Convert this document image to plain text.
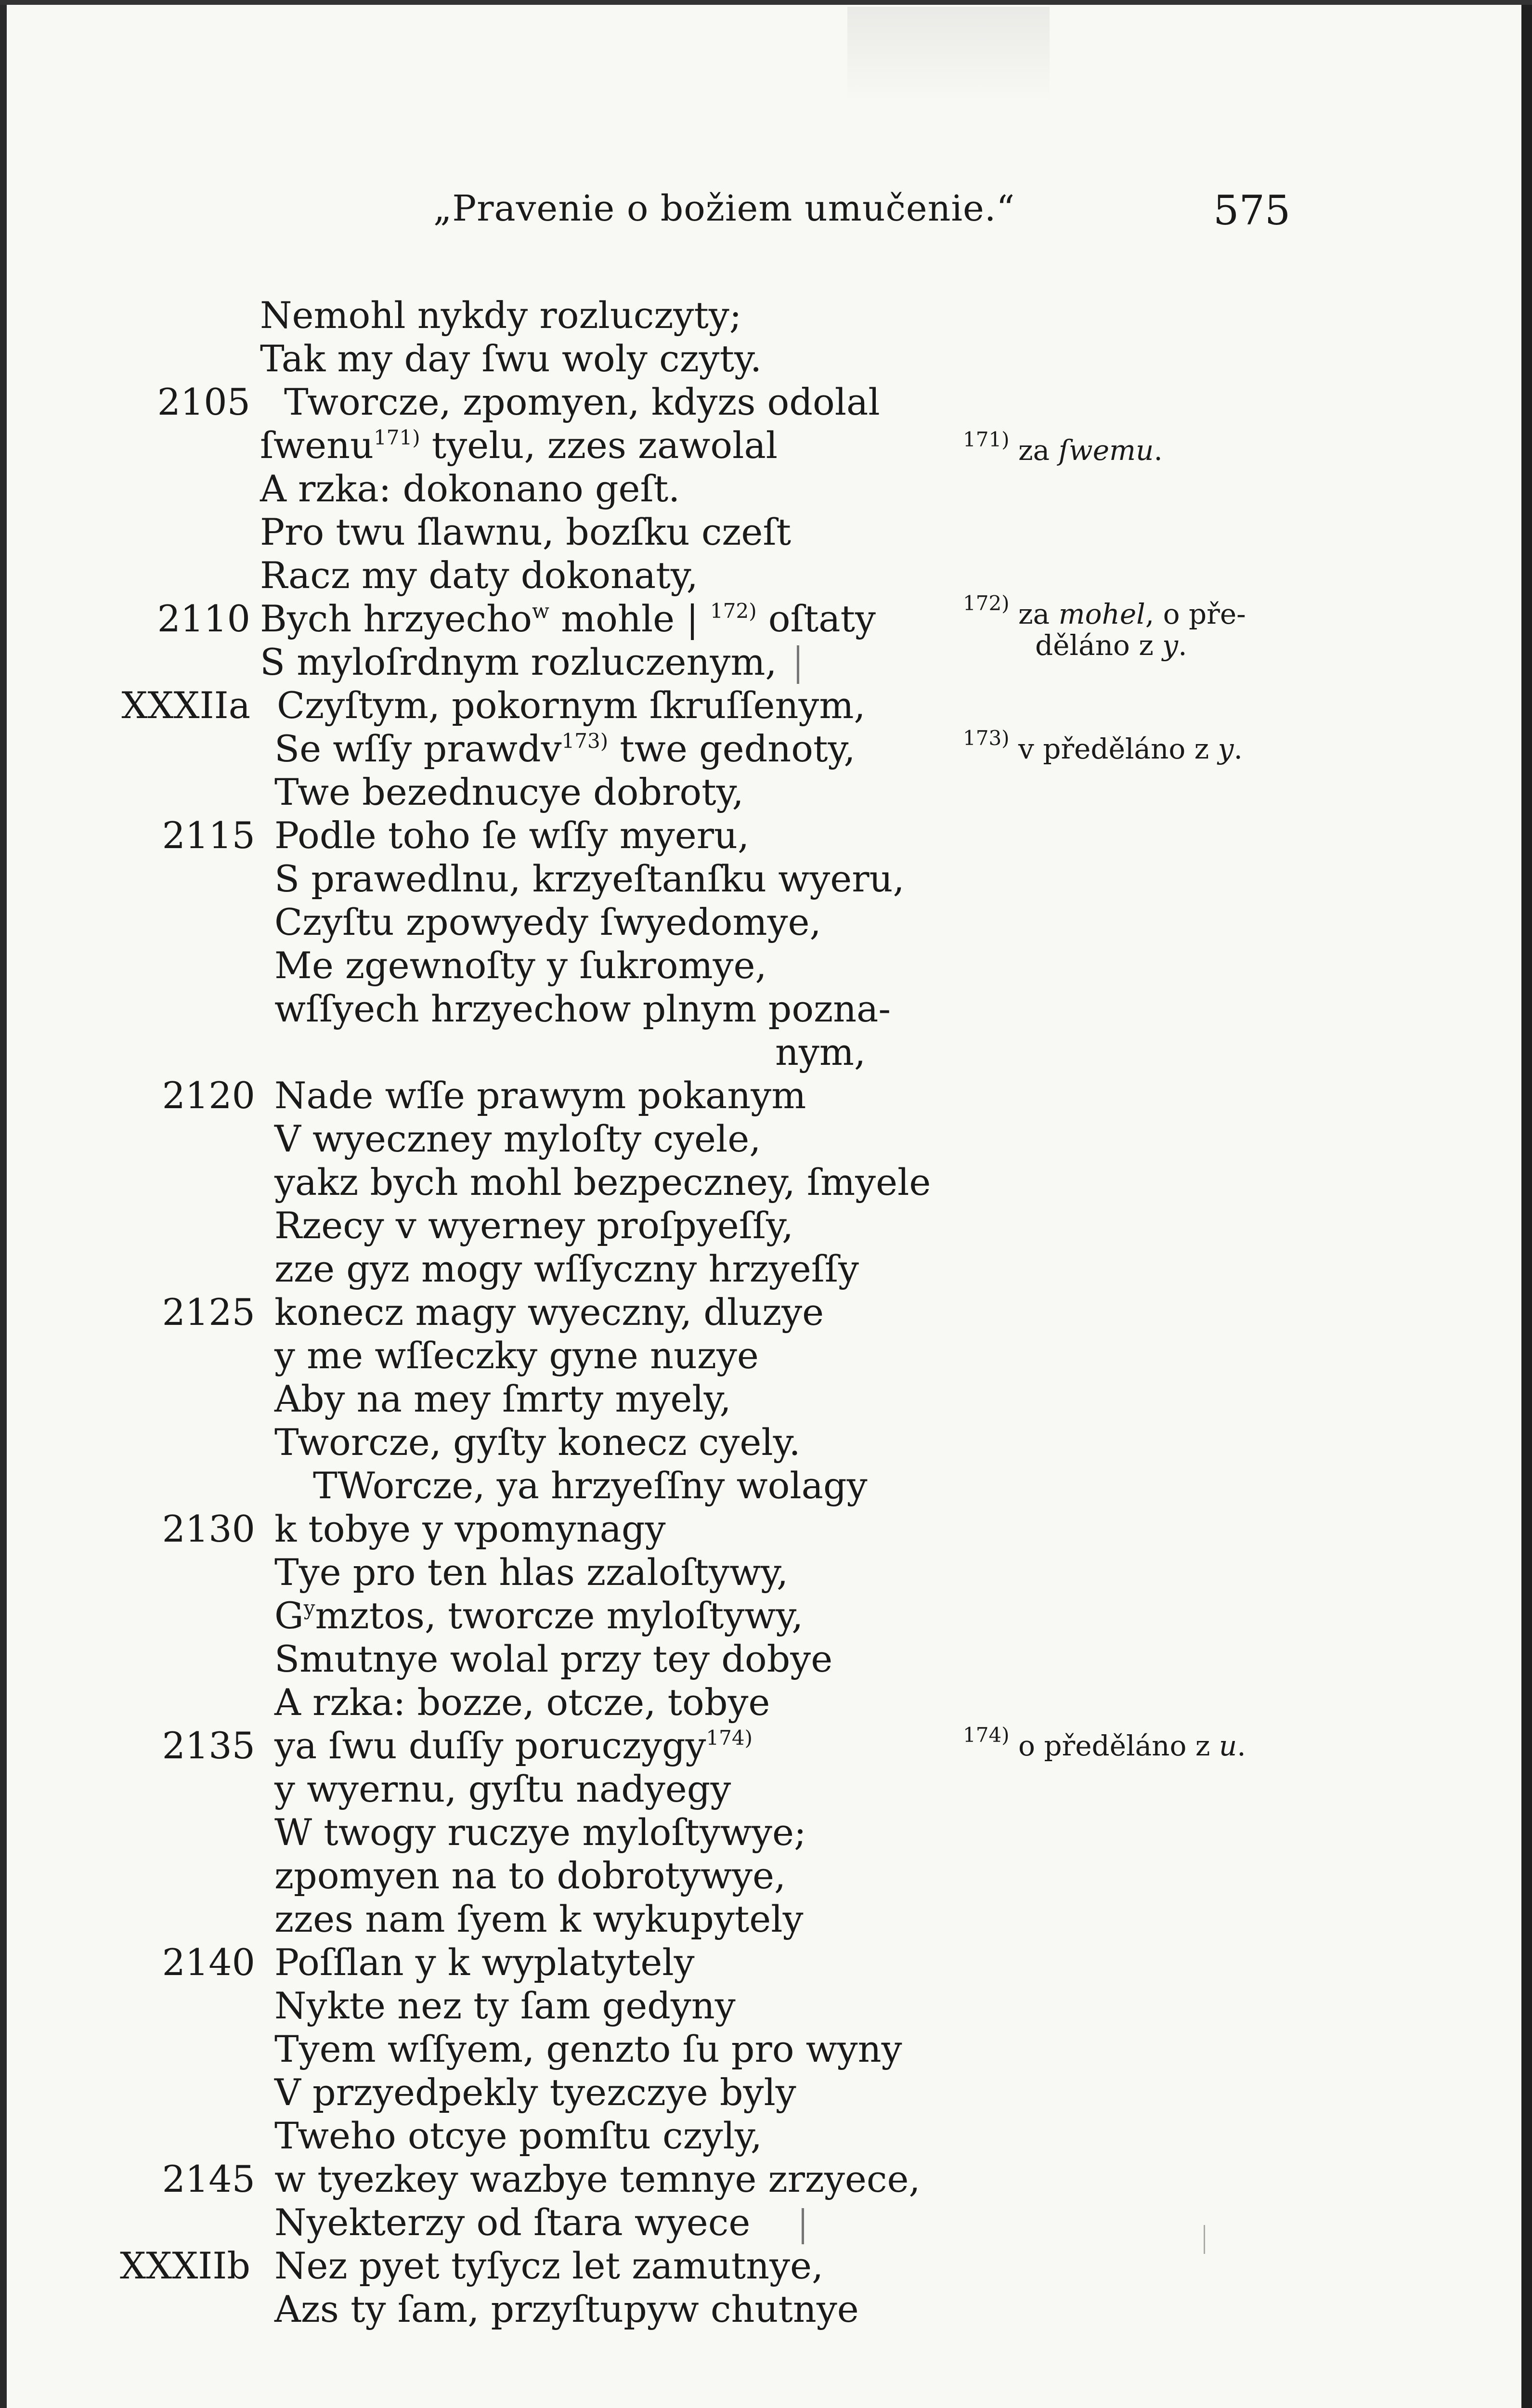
„Pravenie o božiem umučenie.“	575
Nemohl nykdy rozluczyty;
Tak my day ſwu woly czyty.
2105 Tworcze, zpomyen, kdyzs odolal
ſwenu$^{171)}$ tyelu, zzes zawolal
A rzka: dokonano geſt.
Pro twu ſlawnu, bozſku czeſt
Racz my daty dokonaty,
2110 Bych hrzyecho$^w$ mohle | $^{172)}$ oſtaty
S myloſrdnym rozluczenym,
XXXIIa Czyſtym, pokornym ſkruſſenym,
Se wſſy prawdv$^{173)}$ twe gednoty,
Twe bezednucye dobroty,
2115 Podle toho ſe wſſy myeru,
S prawedlnu, krzyeſtanſku wyeru,
Czyſtu zpowyedy ſwyedomye,
Me zgewnoſty y ſukromye,
wſſyech hrzyechow plnym pozna-
nym,
2120 Nade wſſe prawym pokanym
V wyeczney myloſty cyele,
yakz bych mohl bezpeczney, ſmyele
Rzecy v wyerney proſpyeſſy,
zze gyz mogy wſſyczny hrzyeſſy
2125 konecz magy wyeczny, dluzye
y me wſſeczky gyne nuzye
Aby na mey ſmrty myely,
Tworcze, gyſty konecz cyely.
TWorcze, ya hrzyeſſny wolagy
2130 k tobye y vpomynagy
Tye pro ten hlas zzaloſtywy,
$G^ymztos$, tworcze myloſtywy,
Smutnye wolal przy tey dobye
A rzka: bozze, otcze, tobye
2135 ya ſwu duſſy poruczygy$^{174)}$
y wyernu, gyſtu nadyegy
W twogy ruczye myloſtywye;
zpomyen na to dobrotywye,
zzes nam ſyem k wykupytely
2140 Poſſlan y k wyplatytely
Nykte nez ty ſam gedyny
Tyem wſſyem, genzto ſu pro wyny
V przyedpekly tyezczye byly
Tweho otcye pomſtu czyly,
2145 w tyezkey wazbye temnye zrzyece,
Nyekterzy od ſtara wyece
XXXIIb Nez pyet tyſycz let zamutnye,
Azs ty ſam, przyſtupyw chutnye
$^{171)}$ za ſwemu.
$^{172)}$ za mohel, o pře-
děláno z y.
$^{173)}$ v předěláno z y.
$^{174)}$ o předěláno z u.
